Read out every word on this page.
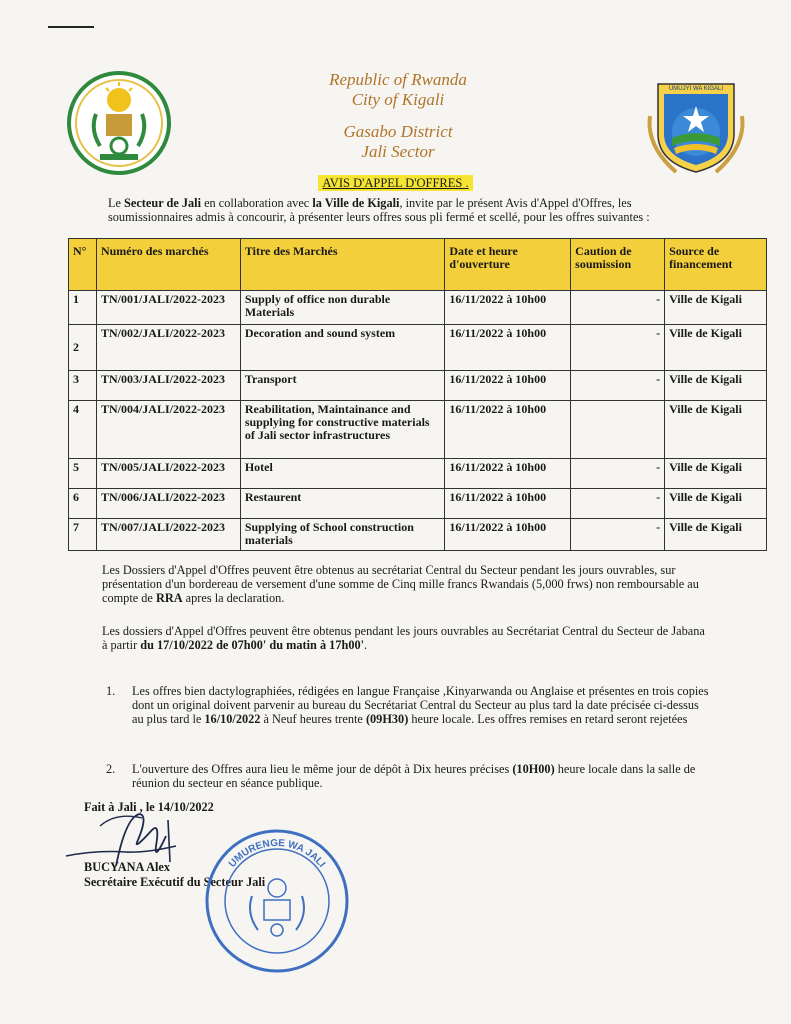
Republic of Rwanda
City of Kigali
Gasabo District
Jali Sector
UMUJYI WA KIGALI
AVIS D'APPEL D'OFFRES .
Le Secteur de Jali en collaboration avec la Ville de Kigali, invite par le présent Avis d'Appel d'Offres, les soumissionnaires admis à concourir, à présenter leurs offres sous pli fermé et scellé, pour les offres suivantes :
N°	Numéro des marchés	Titre des Marchés	Date et heure d'ouverture	Caution de soumission	Source de financement
1	TN/001/JALI/2022-2023	Supply of office non durable Materials	16/11/2022 à 10h00	-	Ville de Kigali
2	TN/002/JALI/2022-2023	Decoration and sound system	16/11/2022 à 10h00	-	Ville de Kigali
3	TN/003/JALI/2022-2023	Transport	16/11/2022 à 10h00	-	Ville de Kigali
4	TN/004/JALI/2022-2023	Reabilitation, Maintainance and supplying for constructive materials of Jali sector infrastructures	16/11/2022 à 10h00		Ville de Kigali
5	TN/005/JALI/2022-2023	Hotel	16/11/2022 à 10h00	-	Ville de Kigali
6	TN/006/JALI/2022-2023	Restaurent	16/11/2022 à 10h00	-	Ville de Kigali
7	TN/007/JALI/2022-2023	Supplying of School construction materials	16/11/2022 à 10h00	-	Ville de Kigali
Les Dossiers d'Appel d'Offres peuvent être obtenus au secrétariat Central du Secteur pendant les jours ouvrables, sur présentation d'un bordereau de versement d'une somme de Cinq mille francs Rwandais (5,000 frws) non remboursable au compte de RRA apres la declaration.
Les dossiers d'Appel d'Offres peuvent être obtenus pendant les jours ouvrables au Secrétariat Central du Secteur de Jabana à partir du 17/10/2022 de 07h00' du matin à 17h00'.
1. Les offres bien dactylographiées, rédigées en langue Française ,Kinyarwanda ou Anglaise et présentes en trois copies dont un original doivent parvenir au bureau du Secrétariat Central du Secteur au plus tard la date précisée ci-dessus au plus tard le 16/10/2022 à Neuf heures trente (09H30) heure locale. Les offres remises en retard seront rejetées
2. L'ouverture des Offres aura lieu le même jour de dépôt à Dix heures précises (10H00) heure locale dans la salle de réunion du secteur en séance publique.
Fait à Jali , le 14/10/2022
BUCYANA Alex
Secrétaire Exécutif du Secteur Jali
UMURENGE WA JALI
